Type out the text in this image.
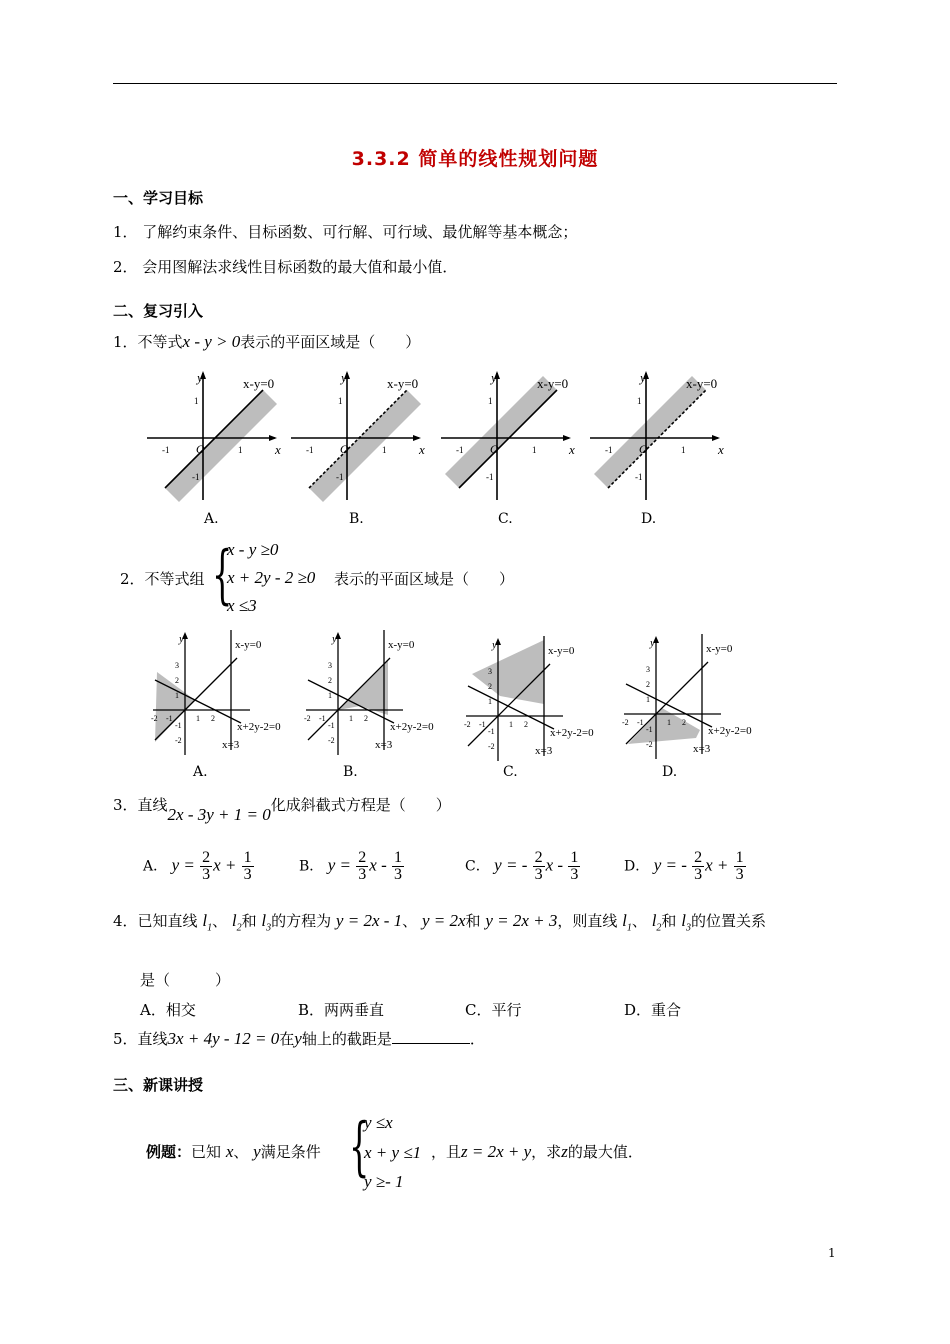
3.3.2 简单的线性规划问题
一、学习目标
1． 了解约束条件、目标函数、可行解、可行域、最优解等基本概念；
2． 会用图解法求线性目标函数的最大值和最小值．
二、复习引入
1．不等式x - y > 0表示的平面区域是（　　）
x-y=0
y
x
O	1
-1
1
-1
x-y=0
y
x
O	1
-1
1
-1
x-y=0
y
x
O	1
-1
1
-1
x-y=0
y
x
O	1
-1
1
-1
A.	B.	C.	D.
2．不等式组 {
x - y ≥0
x + 2y - 2 ≥0
x ≤3
表示的平面区域是（　　）
x-y=0
x+2y-2=0
x=3
y
-2 -1	1 2
3
2
1
-1
-2
x-y=0
x+2y-2=0
x=3
y
-2 -1	1 2
3
2
1
-1
-2
x-y=0
x+2y-2=0
x=3
y
-2 -1	1 2
3
2
1
-1
-2
x-y=0
x+2y-2=0
x=3
y
-2 -1	1 2
3
2
1
-1
-2
A.	B.	C.	D.
3．直线2x - 3y + 1 = 0化成斜截式方程是（　　）
A． $y = \frac{2}{3}$ $x + \frac{1}{3}$	B． $y = \frac{2}{3}$ x - $\frac{1}{3}$	C． y = - $\frac{2}{3}$ x - $\frac{1}{3}$	D． y = - $\frac{2}{3}$ $x + \frac{1}{3}$
4．已知直线 $l_1$、 $l_2$和 $l_3$的方程为 y = 2x - 1、 y = 2x和 y = 2x + 3，则直线 $l_1$、 $l_2$和 $l_3$的位置关系
是（　　　）
A．相交	B．两两垂直	C．平行	D．重合
5．直线3x + 4y - 12 = 0在y轴上的截距是	．
三、新课讲授
例题：已知 x、 y满足条件 {
y ≤x
x + y ≤1
y ≥- 1
，且z = 2x + y，求z的最大值．
1
